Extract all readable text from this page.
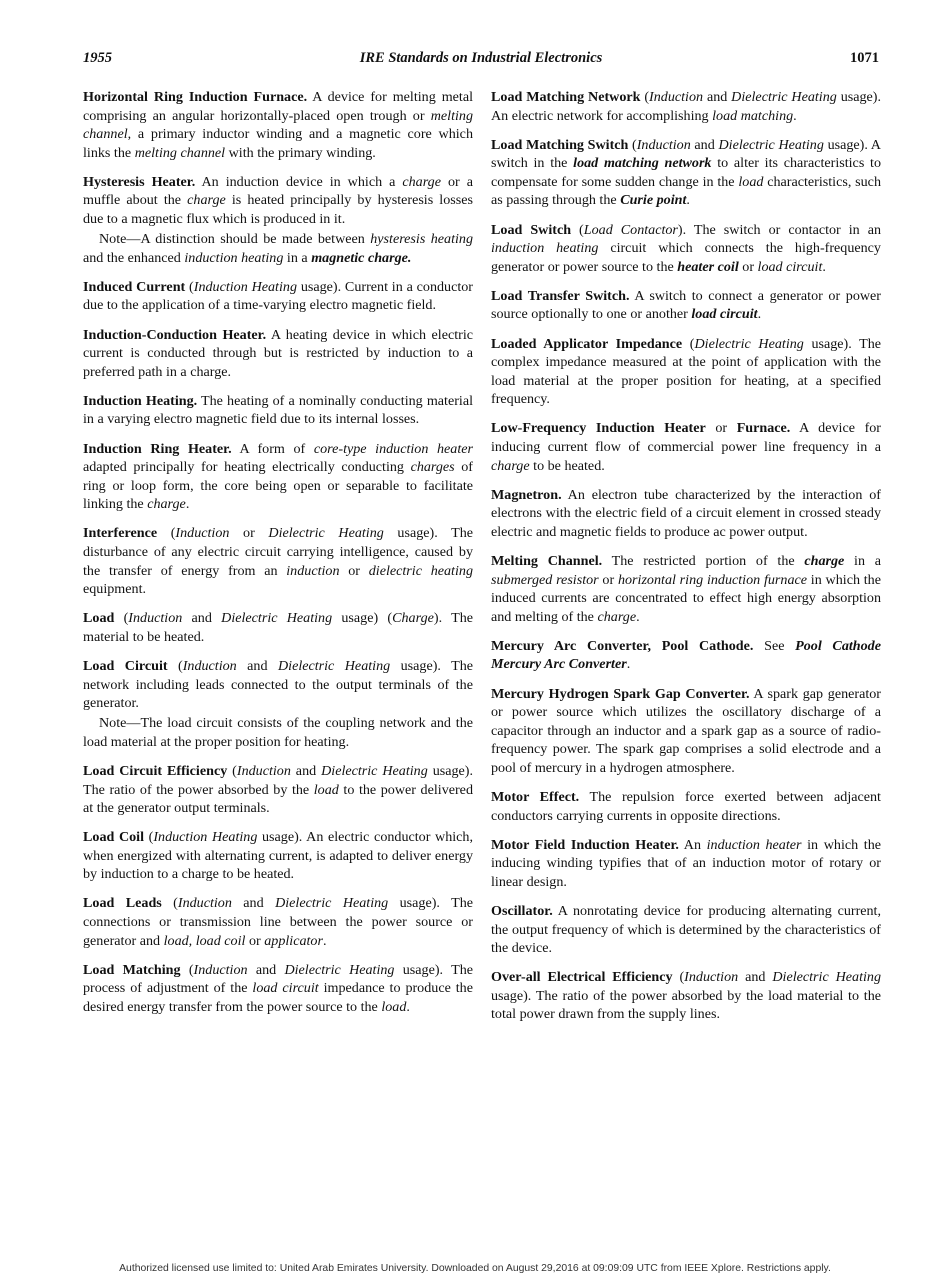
1955	IRE Standards on Industrial Electronics	1071

Horizontal Ring Induction Furnace. A device for melting metal comprising an angular horizontally-placed open trough or melting channel, a primary inductor winding and a magnetic core which links the melting channel with the primary winding.

Hysteresis Heater. An induction device in which a charge or a muffle about the charge is heated principally by hysteresis losses due to a magnetic flux which is produced in it.

Note—A distinction should be made between hysteresis heating and the enhanced induction heating in a magnetic charge.

Induced Current (Induction Heating usage). Current in a conductor due to the application of a time-varying electro magnetic field.

Induction-Conduction Heater. A heating device in which electric current is conducted through but is restricted by induction to a preferred path in a charge.

Induction Heating. The heating of a nominally conducting material in a varying electro magnetic field due to its internal losses.

Induction Ring Heater. A form of core-type induction heater adapted principally for heating electrically conducting charges of ring or loop form, the core being open or separable to facilitate linking the charge.

Interference (Induction or Dielectric Heating usage). The disturbance of any electric circuit carrying intelligence, caused by the transfer of energy from an induction or dielectric heating equipment.

Load (Induction and Dielectric Heating usage) (Charge). The material to be heated.

Load Circuit (Induction and Dielectric Heating usage). The network including leads connected to the output terminals of the generator.

Note—The load circuit consists of the coupling network and the load material at the proper position for heating.

Load Circuit Efficiency (Induction and Dielectric Heating usage). The ratio of the power absorbed by the load to the power delivered at the generator output terminals.

Load Coil (Induction Heating usage). An electric conductor which, when energized with alternating current, is adapted to deliver energy by induction to a charge to be heated.

Load Leads (Induction and Dielectric Heating usage). The connections or transmission line between the power source or generator and load, load coil or applicator.

Load Matching (Induction and Dielectric Heating usage). The process of adjustment of the load circuit impedance to produce the desired energy transfer from the power source to the load.

Load Matching Network (Induction and Dielectric Heating usage). An electric network for accomplishing load matching.

Load Matching Switch (Induction and Dielectric Heating usage). A switch in the load matching network to alter its characteristics to compensate for some sudden change in the load characteristics, such as passing through the Curie point.

Load Switch (Load Contactor). The switch or contactor in an induction heating circuit which connects the high-frequency generator or power source to the heater coil or load circuit.

Load Transfer Switch. A switch to connect a generator or power source optionally to one or another load circuit.

Loaded Applicator Impedance (Dielectric Heating usage). The complex impedance measured at the point of application with the load material at the proper position for heating, at a specified frequency.

Low-Frequency Induction Heater or Furnace. A device for inducing current flow of commercial power line frequency in a charge to be heated.

Magnetron. An electron tube characterized by the interaction of electrons with the electric field of a circuit element in crossed steady electric and magnetic fields to produce ac power output.

Melting Channel. The restricted portion of the charge in a submerged resistor or horizontal ring induction furnace in which the induced currents are concentrated to effect high energy absorption and melting of the charge.

Mercury Arc Converter, Pool Cathode. See Pool Cathode Mercury Arc Converter.

Mercury Hydrogen Spark Gap Converter. A spark gap generator or power source which utilizes the oscillatory discharge of a capacitor through an inductor and a spark gap as a source of radio-frequency power. The spark gap comprises a solid electrode and a pool of mercury in a hydrogen atmosphere.

Motor Effect. The repulsion force exerted between adjacent conductors carrying currents in opposite directions.

Motor Field Induction Heater. An induction heater in which the inducing winding typifies that of an induction motor of rotary or linear design.

Oscillator. A nonrotating device for producing alternating current, the output frequency of which is determined by the characteristics of the device.

Over-all Electrical Efficiency (Induction and Dielectric Heating usage). The ratio of the power absorbed by the load material to the total power drawn from the supply lines.

Authorized licensed use limited to: United Arab Emirates University. Downloaded on August 29,2016 at 09:09:09 UTC from IEEE Xplore. Restrictions apply.
